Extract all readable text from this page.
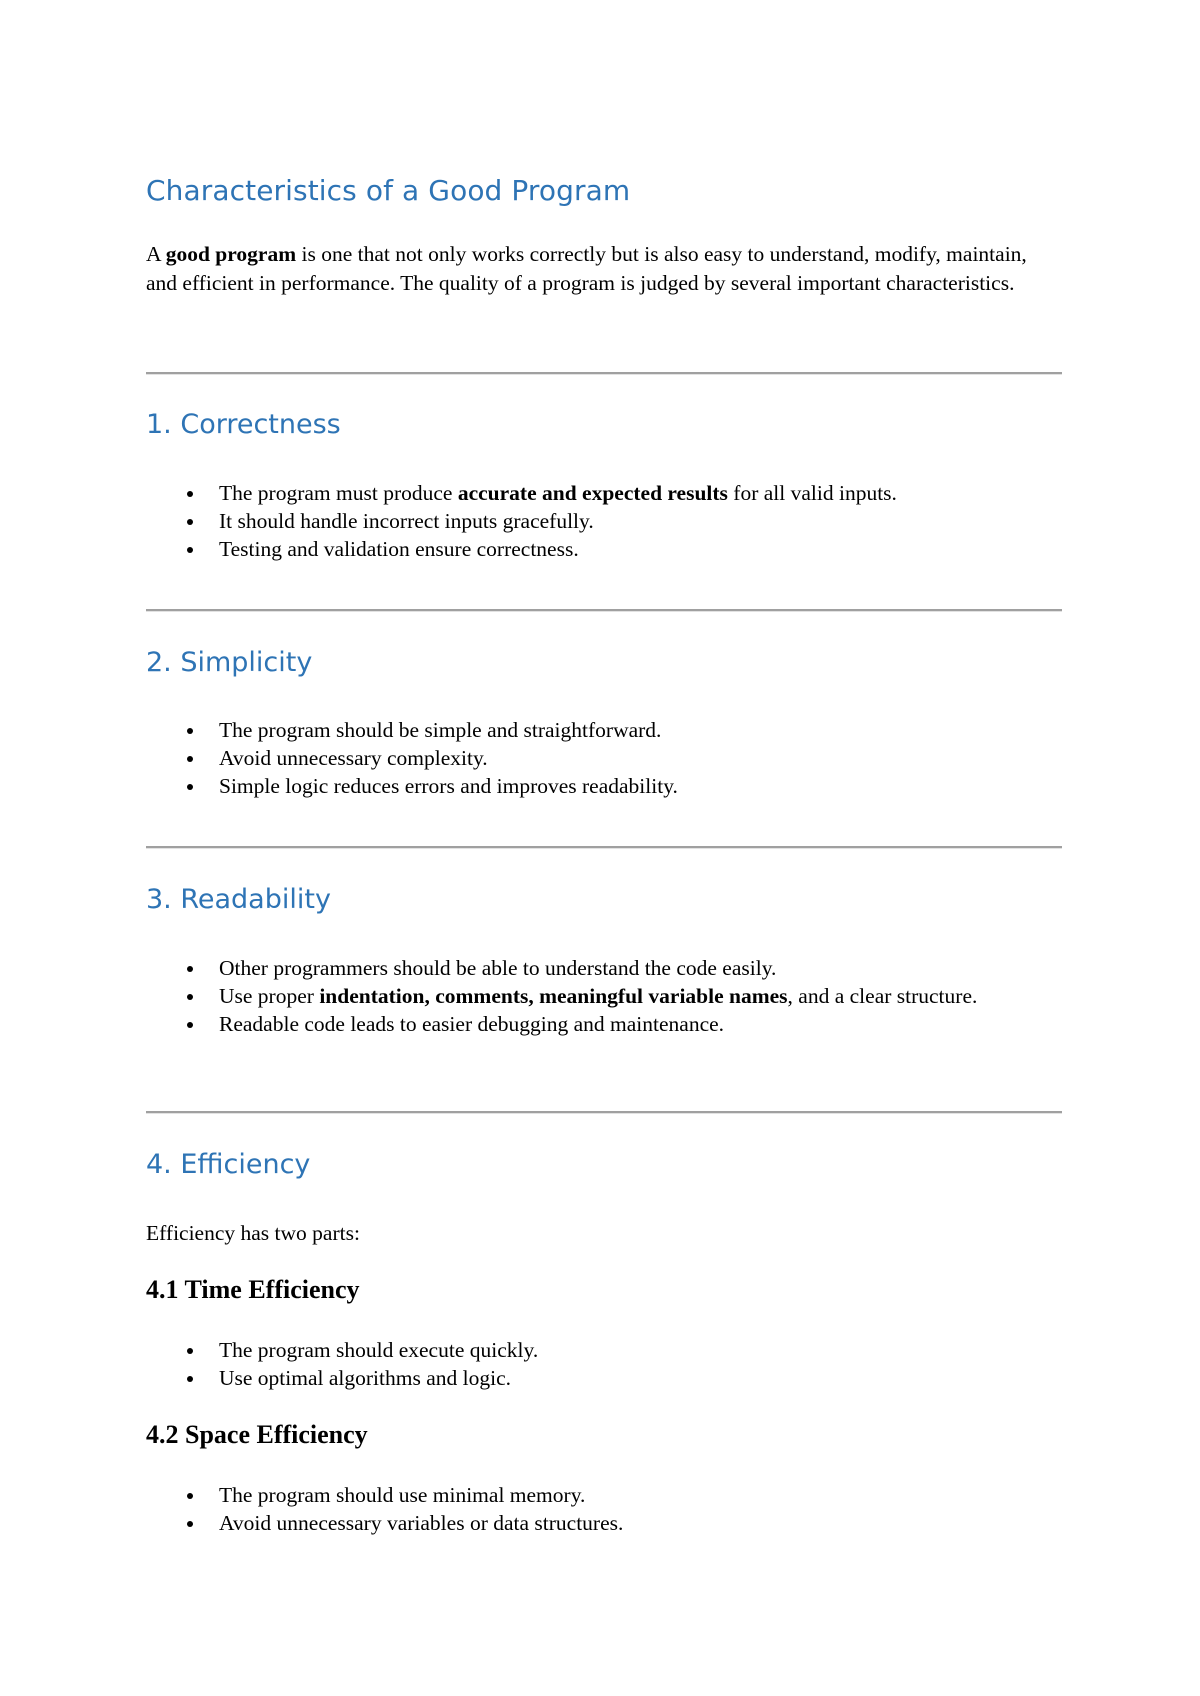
Characteristics of a Good Program

A good program is one that not only works correctly but is also easy to understand, modify, maintain, and efficient in performance. The quality of a program is judged by several important characteristics.

1. Correctness
The program must produce accurate and expected results for all valid inputs.
It should handle incorrect inputs gracefully.
Testing and validation ensure correctness.
2. Simplicity
The program should be simple and straightforward.
Avoid unnecessary complexity.
Simple logic reduces errors and improves readability.
3. Readability
Other programmers should be able to understand the code easily.
Use proper indentation, comments, meaningful variable names, and a clear structure.
Readable code leads to easier debugging and maintenance.
4. Efficiency

Efficiency has two parts:

4.1 Time Efficiency
The program should execute quickly.
Use optimal algorithms and logic.
4.2 Space Efficiency
The program should use minimal memory.
Avoid unnecessary variables or data structures.
